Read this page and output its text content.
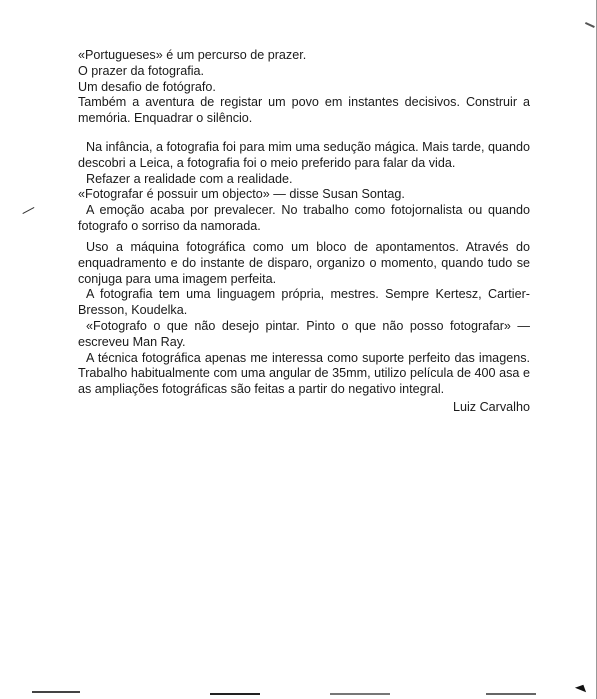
«Portugueses» é um percurso de prazer.

O prazer da fotografia.

Um desafio de fotógrafo.

Também a aventura de registar um povo em instantes decisivos. Construir a memória. Enquadrar o silêncio.

Na infância, a fotografia foi para mim uma sedução mágica. Mais tarde, quando descobri a Leica, a fotografia foi o meio preferido para falar da vida.

Refazer a realidade com a realidade.

«Fotografar é possuir um objecto» — disse Susan Sontag.

A emoção acaba por prevalecer. No trabalho como fotojornalista ou quando fotografo o sorriso da namorada.

Uso a máquina fotográfica como um bloco de apontamentos. Através do enquadramento e do instante de disparo, organizo o momento, quando tudo se conjuga para uma imagem perfeita.

A fotografia tem uma linguagem própria, mestres. Sempre Kertesz, Cartier-Bresson, Koudelka.

«Fotografo o que não desejo pintar. Pinto o que não posso fotografar» — escreveu Man Ray.

A técnica fotográfica apenas me interessa como suporte perfeito das imagens. Trabalho habitualmente com uma angular de 35mm, utilizo película de 400 asa e as ampliações fotográficas são feitas a partir do negativo integral.

Luiz Carvalho
